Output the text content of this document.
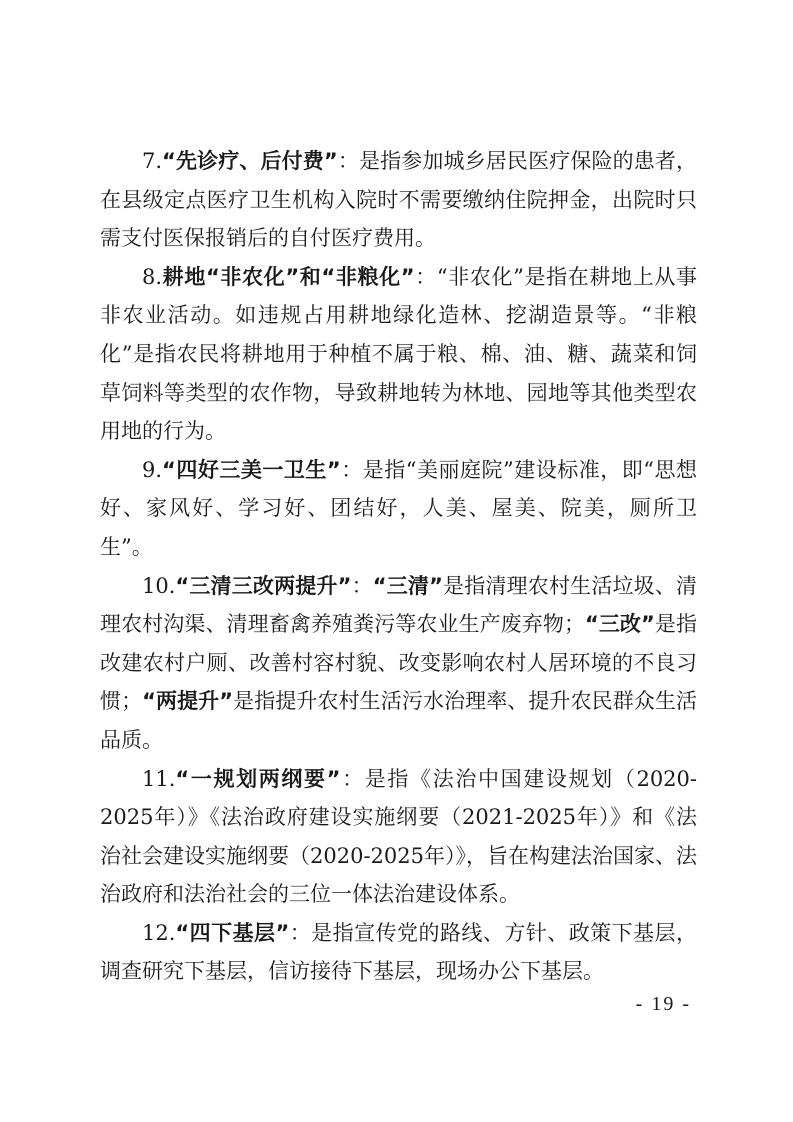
7.“先诊疗、后付费”：是指参加城乡居民医疗保险的患者，在县级定点医疗卫生机构入院时不需要缴纳住院押金，出院时只需支付医保报销后的自付医疗费用。

8.耕地“非农化”和“非粮化”：“非农化”是指在耕地上从事非农业活动。如违规占用耕地绿化造林、挖湖造景等。“非粮化”是指农民将耕地用于种植不属于粮、棉、油、糖、蔬菜和饲草饲料等类型的农作物，导致耕地转为林地、园地等其他类型农用地的行为。

9.“四好三美一卫生”：是指“美丽庭院”建设标准，即“思想好、家风好、学习好、团结好，人美、屋美、院美，厕所卫生”。

10.“三清三改两提升”：“三清”是指清理农村生活垃圾、清理农村沟渠、清理畜禽养殖粪污等农业生产废弃物；“三改”是指改建农村户厕、改善村容村貌、改变影响农村人居环境的不良习惯；“两提升”是指提升农村生活污水治理率、提升农民群众生活品质。

11.“一规划两纲要”：是指《法治中国建设规划（2020-2025年）》《法治政府建设实施纲要（2021-2025年）》和《法治社会建设实施纲要（2020-2025年）》，旨在构建法治国家、法治政府和法治社会的三位一体法治建设体系。

12.“四下基层”：是指宣传党的路线、方针、政策下基层，调查研究下基层，信访接待下基层，现场办公下基层。

- 19 -
